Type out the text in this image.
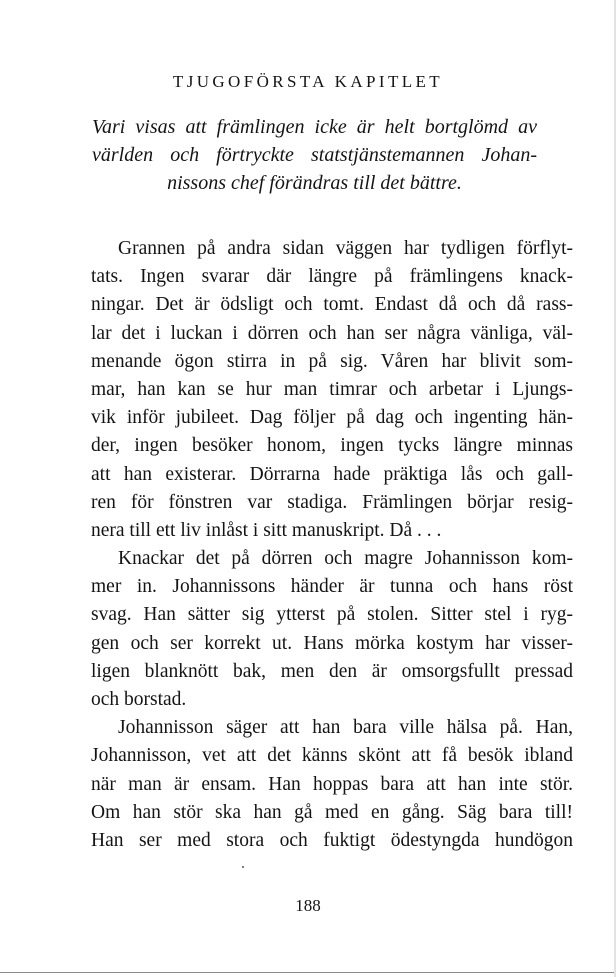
TJUGOFÖRSTA KAPITLET
Vari visas att främlingen icke är helt bortglömd av
världen och förtryckte statstjänstemannen Johan-
nissons chef förändras till det bättre.
Grannen på andra sidan väggen har tydligen förflyt-
tats. Ingen svarar där längre på främlingens knack-
ningar. Det är ödsligt och tomt. Endast då och då rass-
lar det i luckan i dörren och han ser några vänliga, väl-
menande ögon stirra in på sig. Våren har blivit som-
mar, han kan se hur man timrar och arbetar i Ljungs-
vik inför jubileet. Dag följer på dag och ingenting hän-
der, ingen besöker honom, ingen tycks längre minnas
att han existerar. Dörrarna hade präktiga lås och gall-
ren för fönstren var stadiga. Främlingen börjar resig-
nera till ett liv inlåst i sitt manuskript. Då . . .
Knackar det på dörren och magre Johannisson kom-
mer in. Johannissons händer är tunna och hans röst
svag. Han sätter sig ytterst på stolen. Sitter stel i ryg-
gen och ser korrekt ut. Hans mörka kostym har visser-
ligen blanknött bak, men den är omsorgsfullt pressad
och borstad.
Johannisson säger att han bara ville hälsa på. Han,
Johannisson, vet att det känns skönt att få besök ibland
när man är ensam. Han hoppas bara att han inte stör.
Om han stör ska han gå med en gång. Säg bara till!
Han ser med stora och fuktigt ödestyngda hundögon
188
